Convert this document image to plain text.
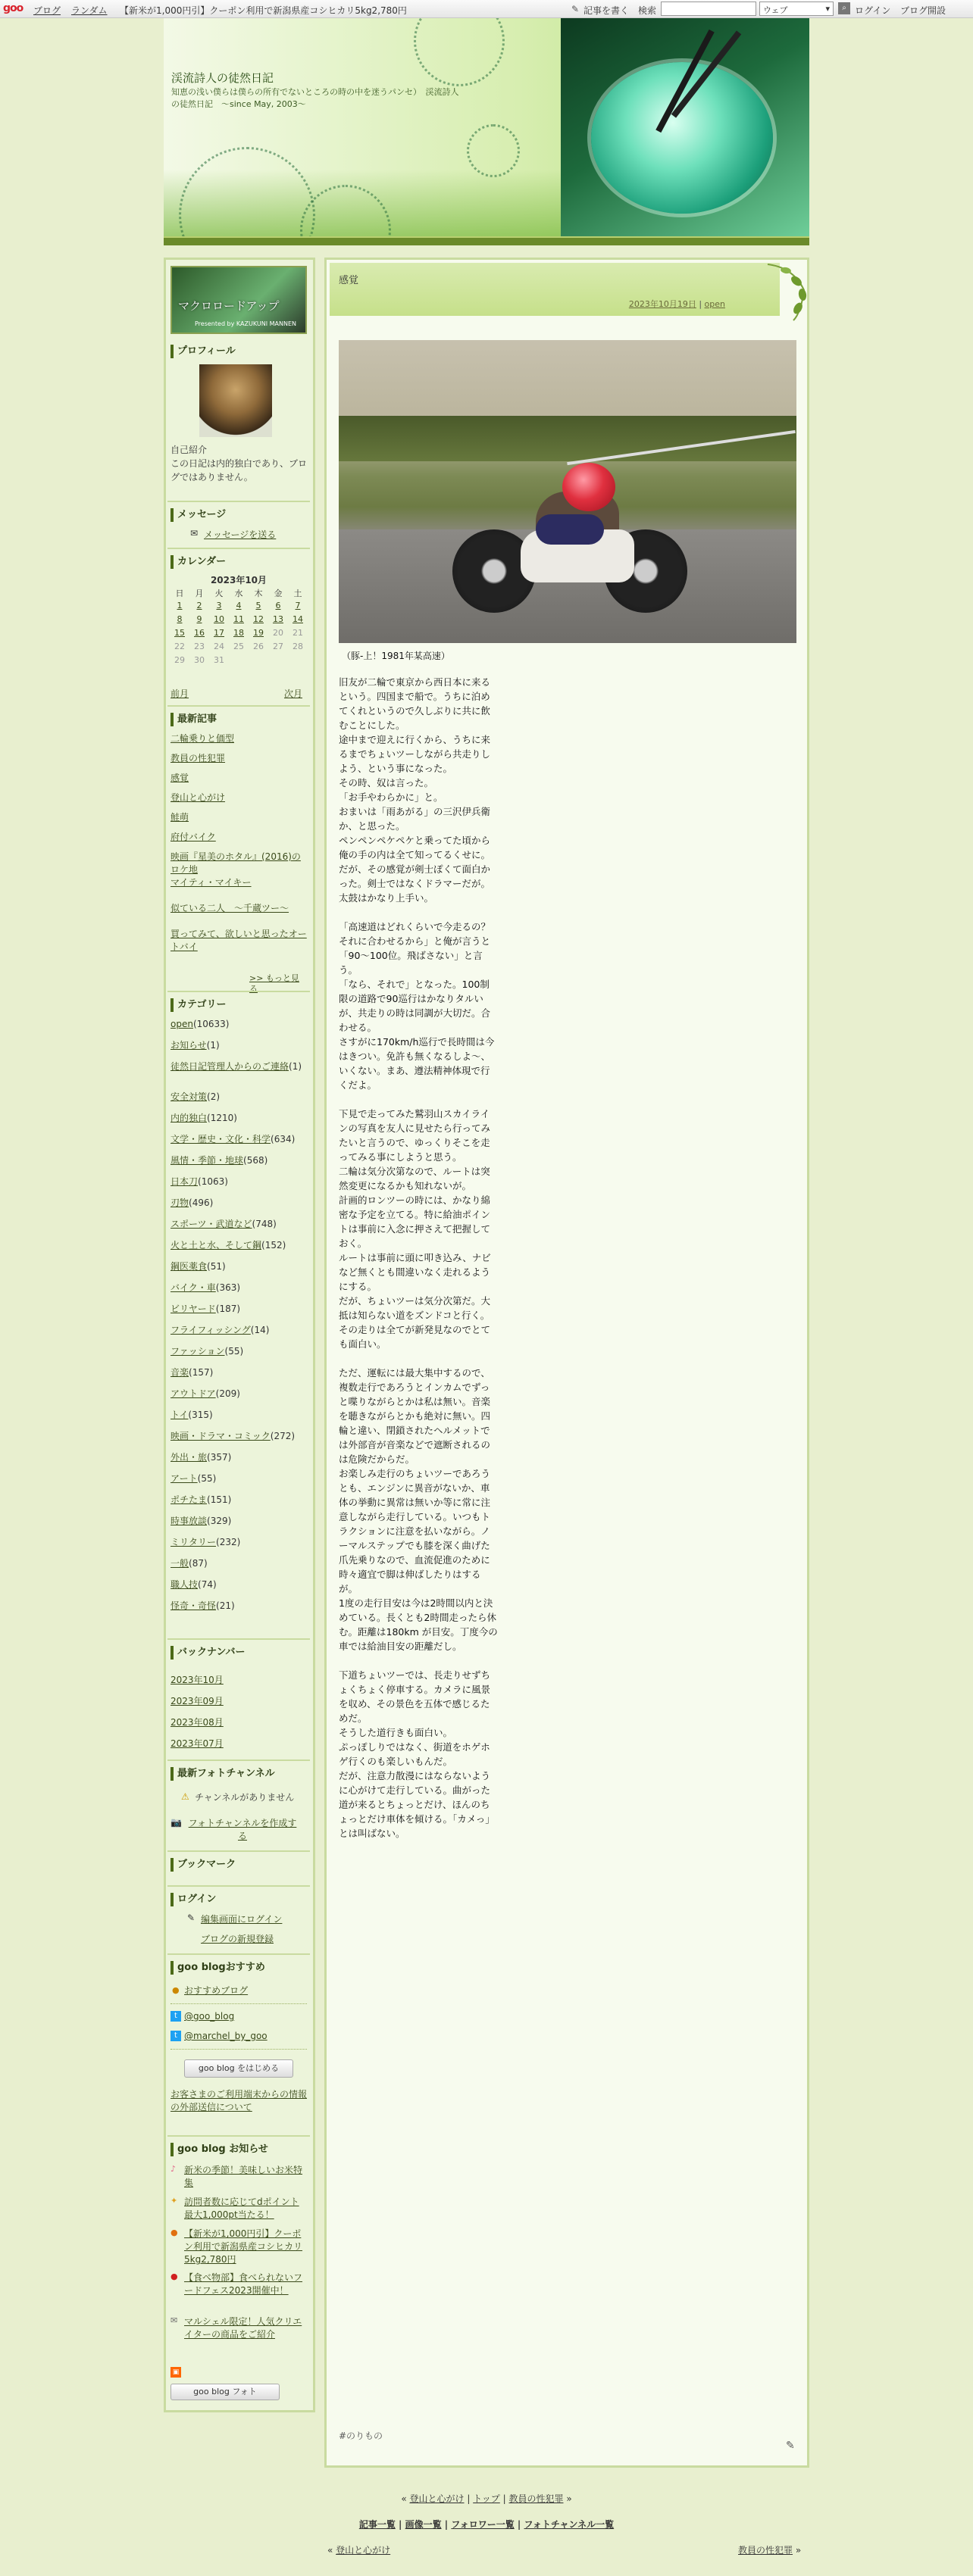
goo ブログ ランダム 【新米が1,000円引】クーポン利用で新潟県産コシヒカリ5kg2,780円	✎ 記事を書く 検索	ウェブ	▾	⌕ ログイン ブログ開設
渓流詩人の徒然日記
知恵の浅い僕らは僕らの所有でないところの時の中を迷うパンセ）　渓流詩人の徒然日記　～since May, 2003～
マクロロードアップ
Presented by KAZUKUNI MANNEN
プロフィール
自己紹介
この日記は内的独白であり、ブログではありません。
メッセージ
✉ メッセージを送る
カレンダー
2023年10月
日	月	火	水	木	金	土
1	2	3	4	5	6	7
8	9	10	11	12	13	14
15	16	17	18	19	20	21
22	23	24	25	26	27	28
29	30	31
前月	次月
最新記事
二輪乗りと価型
教員の性犯罪
感覚
登山と心がけ
鮭萌
府付バイク
映画『星美のホタル』(2016)のロケ地
マイティ・マイキー
似ている二人　～千蔵ツー～
買ってみて、欲しいと思ったオートバイ
>> もっと見る
カテゴリー
open(10633)
お知らせ(1)
徒然日記管理人からのご連絡(1)
安全対策(2)
内的独白(1210)
文学・歴史・文化・科学(634)
風情・季節・地球(568)
日本刀(1063)
刃物(496)
スポーツ・武道など(748)
火と土と水、そして鋼(152)
鋼医薬食(51)
バイク・車(363)
ビリヤード(187)
フライフィッシング(14)
ファッション(55)
音楽(157)
アウトドア(209)
トイ(315)
映画・ドラマ・コミック(272)
外出・旅(357)
アート(55)
ポチたま(151)
時事放談(329)
ミリタリー(232)
一般(87)
職人技(74)
怪奇・奇怪(21)
バックナンバー
2023年10月
2023年09月
2023年08月
2023年07月
最新フォトチャンネル
⚠ チャンネルがありません
📷 フォトチャンネルを作成する
ブックマーク
ログイン
✎ 編集画面にログイン
ブログの新規登録
goo blogおすすめ
● おすすめブログ
t @goo_blog
t @marchel_by_goo
goo blog をはじめる
お客さまのご利用端末からの情報の外部送信について
goo blog お知らせ
♪ 新米の季節！美味しいお米特集
✦ 訪問者数に応じてdポイント最大1,000pt当たる！
● 【新米が1,000円引】クーポン利用で新潟県産コシヒカリ5kg2,780円
● 【食べ物部】食べられないフードフェス2023開催中！
✉ マルシェル限定！人気クリエイターの商品をご紹介
▣
goo blog フォト
感覚
2023年10月19日 | open
（豚-上！1981年某高速）

旧友が二輪で東京から西日本に来るという。四国まで船で。うちに泊めてくれというので久しぶりに共に飲むことにした。
途中まで迎えに行くから、うちに来るまでちょいツーしながら共走りしよう、という事になった。
その時、奴は言った。
「お手やわらかに」と。
おまいは「雨あがる」の三沢伊兵衛か、と思った。
ペンペンペケペケと乗ってた頃から俺の手の内は全て知ってるくせに。
だが、その感覚が剣士ぽくて面白かった。剣士ではなくドラマーだが。太鼓はかなり上手い。

「高速道はどれくらいで今走るの？それに合わせるから」と俺が言うと「90～100位。飛ばさない」と言う。
「なら、それで」となった。100制限の道路で90巡行はかなりタルいが、共走りの時は同調が大切だ。合わせる。
さすがに170km/h巡行で長時間は今はきつい。免許も無くなるしよ～、いくない。まあ、遵法精神体現で行くだよ。

下見で走ってみた鷲羽山スカイラインの写真を友人に見せたら行ってみたいと言うので、ゆっくりそこを走ってみる事にしようと思う。
二輪は気分次第なので、ルートは突然変更になるかも知れないが。
計画的ロンツーの時には、かなり綿密な予定を立てる。特に給油ポイントは事前に入念に押さえて把握しておく。
ルートは事前に頭に叩き込み、ナビなど無くとも間違いなく走れるようにする。
だが、ちょいツーは気分次第だ。大抵は知らない道をズンドコと行く。
その走りは全てが新発見なのでとても面白い。

ただ、運転には最大集中するので、複数走行であろうとインカムでずっと喋りながらとかは私は無い。音楽を聴きながらとかも絶対に無い。四輪と違い、閉鎖されたヘルメットでは外部音が音楽などで遮断されるのは危険だからだ。
お楽しみ走行のちょいツーであろうとも、エンジンに異音がないか、車体の挙動に異常は無いか等に常に注意しながら走行している。いつもトラクションに注意を払いながら。ノーマルステップでも膝を深く曲げた爪先乗りなので、血流促進のために時々適宜で脚は伸ばしたりはするが。
1度の走行目安は今は2時間以内と決めている。長くとも2時間走ったら休む。距離は180km が目安。丁度今の車では給油目安の距離だし。

下道ちょいツーでは、長走りせずちょくちょく停車する。カメラに風景を収め、その景色を五体で感じるためだ。
そうした道行きも面白い。
ぷっぽしりではなく、街道をホゲホゲ行くのも楽しいもんだ。
だが、注意力散漫にはならないように心がけて走行している。曲がった道が来るとちょっとだけ、ほんのちょっとだけ車体を傾ける。「カメっ」とは叫ばない。

#のりもの
✎
« 登山と心がけ | トップ | 教員の性犯罪 »
記事一覧 | 画像一覧 | フォロワー一覧 | フォトチャンネル一覧
« 登山と心がけ	教員の性犯罪 »
